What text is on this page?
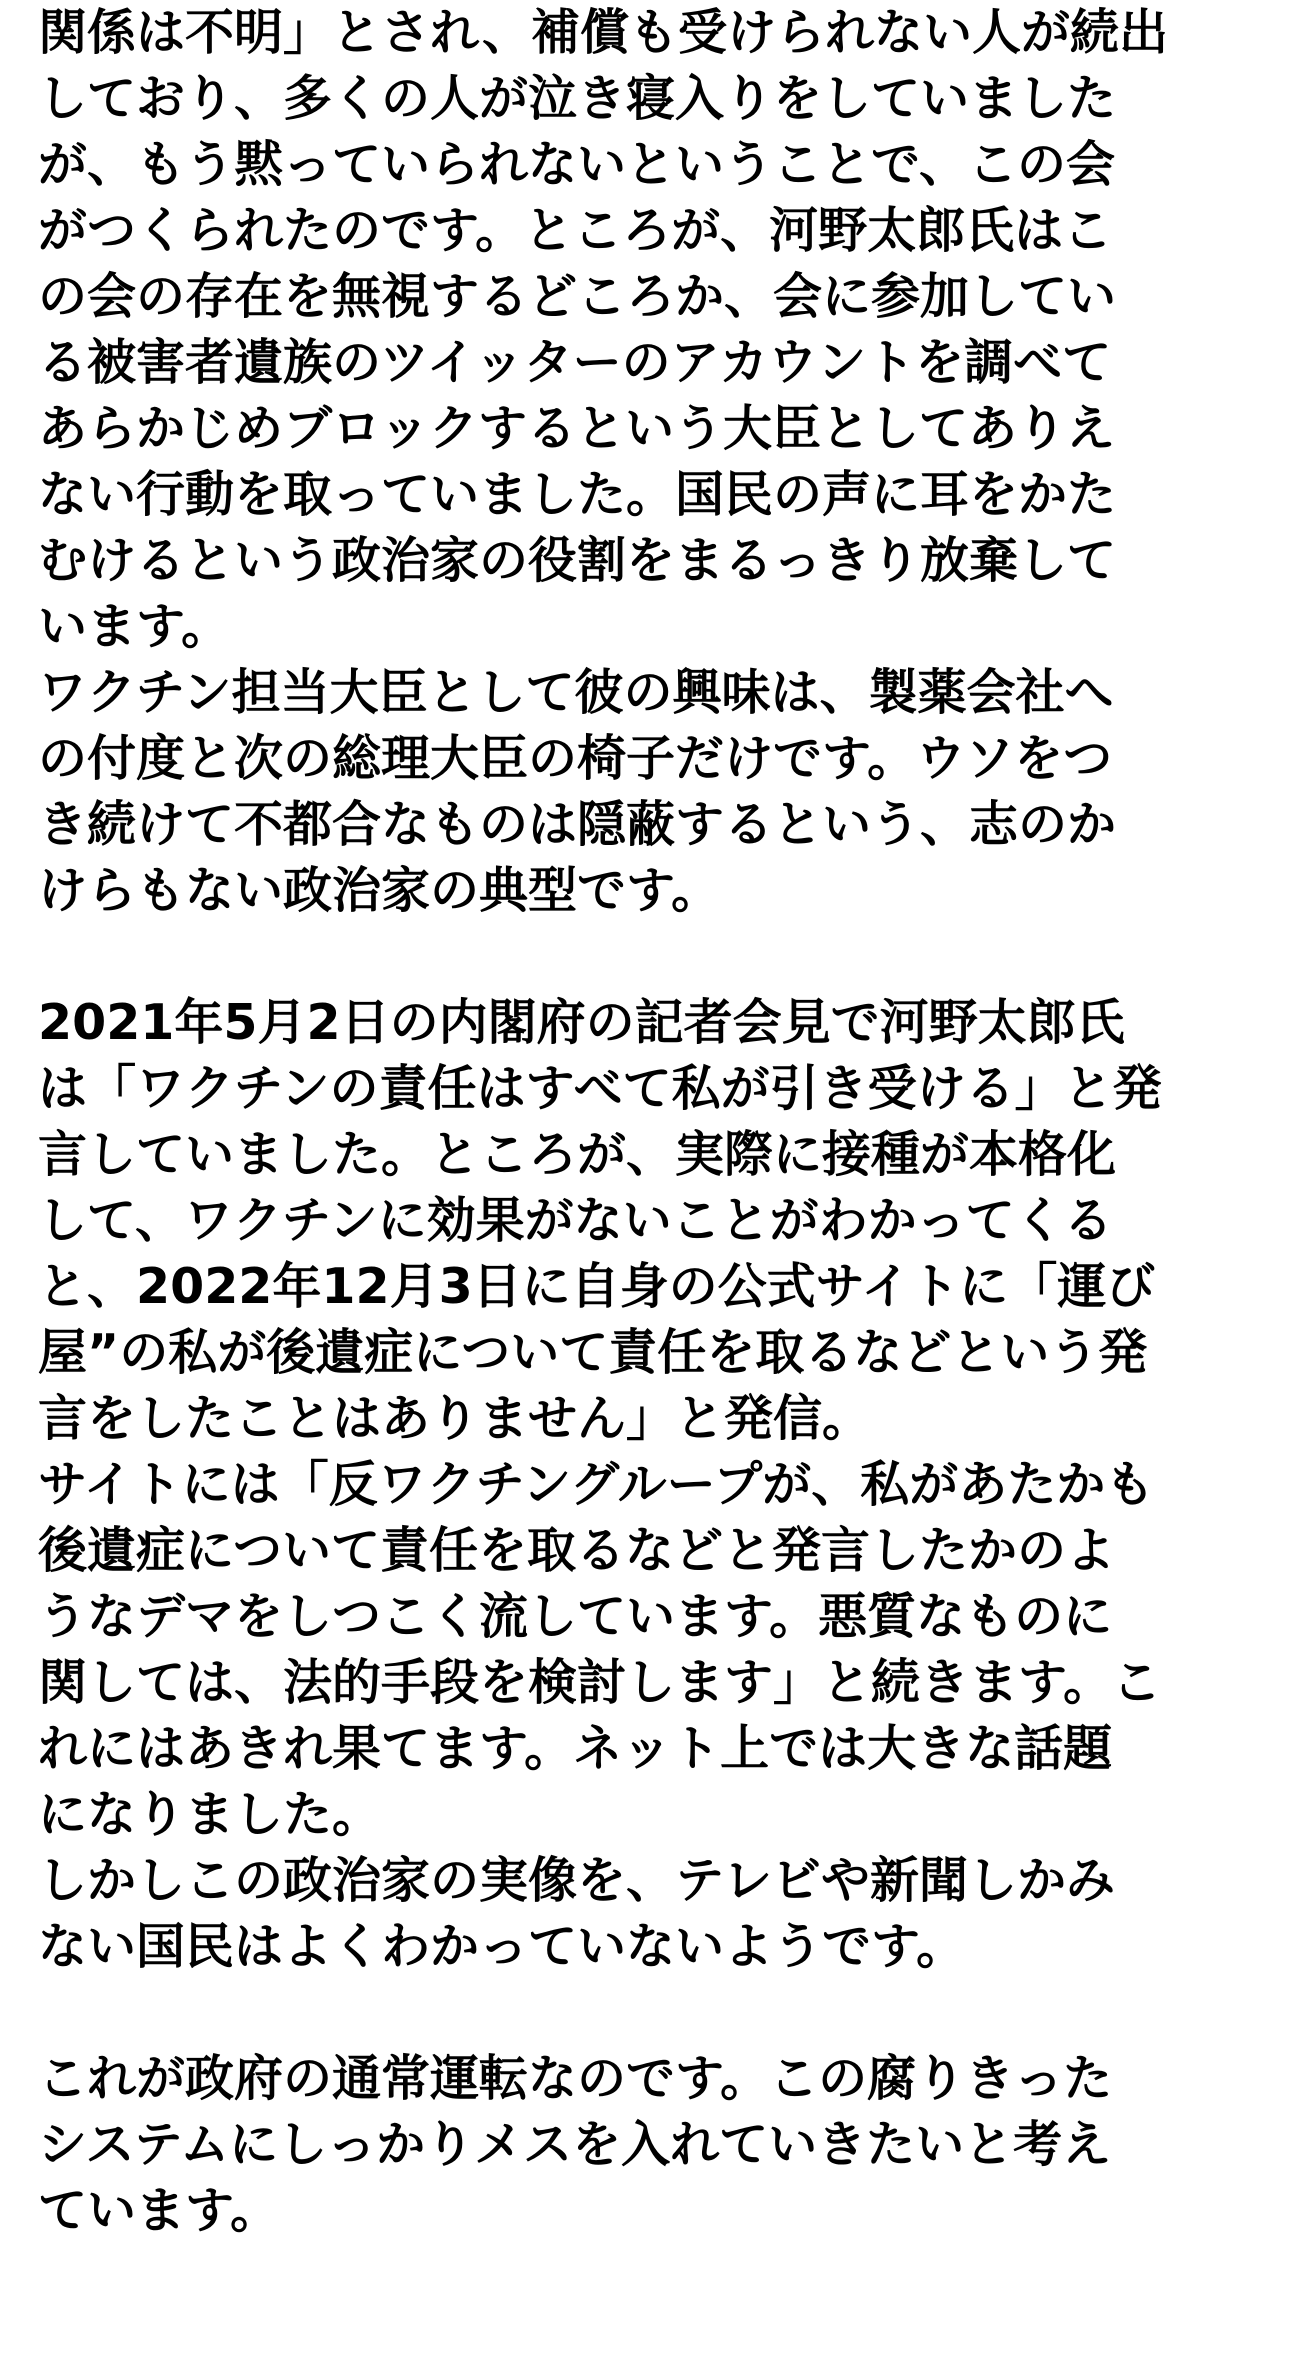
関係は不明」とされ、補償も受けられない人が続出
しており、多くの人が泣き寝入りをしていました
が、もう黙っていられないということで、この会
がつくられたのです。ところが、河野太郎氏はこ
の会の存在を無視するどころか、会に参加してい
る被害者遺族のツイッターのアカウントを調べて
あらかじめブロックするという大臣としてありえ
ない行動を取っていました。国民の声に耳をかた
むけるという政治家の役割をまるっきり放棄して
います。
ワクチン担当大臣として彼の興味は、製薬会社へ
の付度と次の総理大臣の椅子だけです。ウソをつ
き続けて不都合なものは隠蔽するという、志のか
けらもない政治家の典型です。
2021年5月2日の内閣府の記者会見で河野太郎氏
は「ワクチンの責任はすべて私が引き受ける」と発
言していました。ところが、実際に接種が本格化
して、ワクチンに効果がないことがわかってくる
と、2022年12月3日に自身の公式サイトに「運び
屋”の私が後遺症について責任を取るなどという発
言をしたことはありません」と発信。
サイトには「反ワクチングループが、私があたかも
後遺症について責任を取るなどと発言したかのよ
うなデマをしつこく流しています。悪質なものに
関しては、法的手段を検討します」と続きます。こ
れにはあきれ果てます。ネット上では大きな話題
になりました。
しかしこの政治家の実像を、テレビや新聞しかみ
ない国民はよくわかっていないようです。
これが政府の通常運転なのです。この腐りきった
システムにしっかりメスを入れていきたいと考え
ています。
